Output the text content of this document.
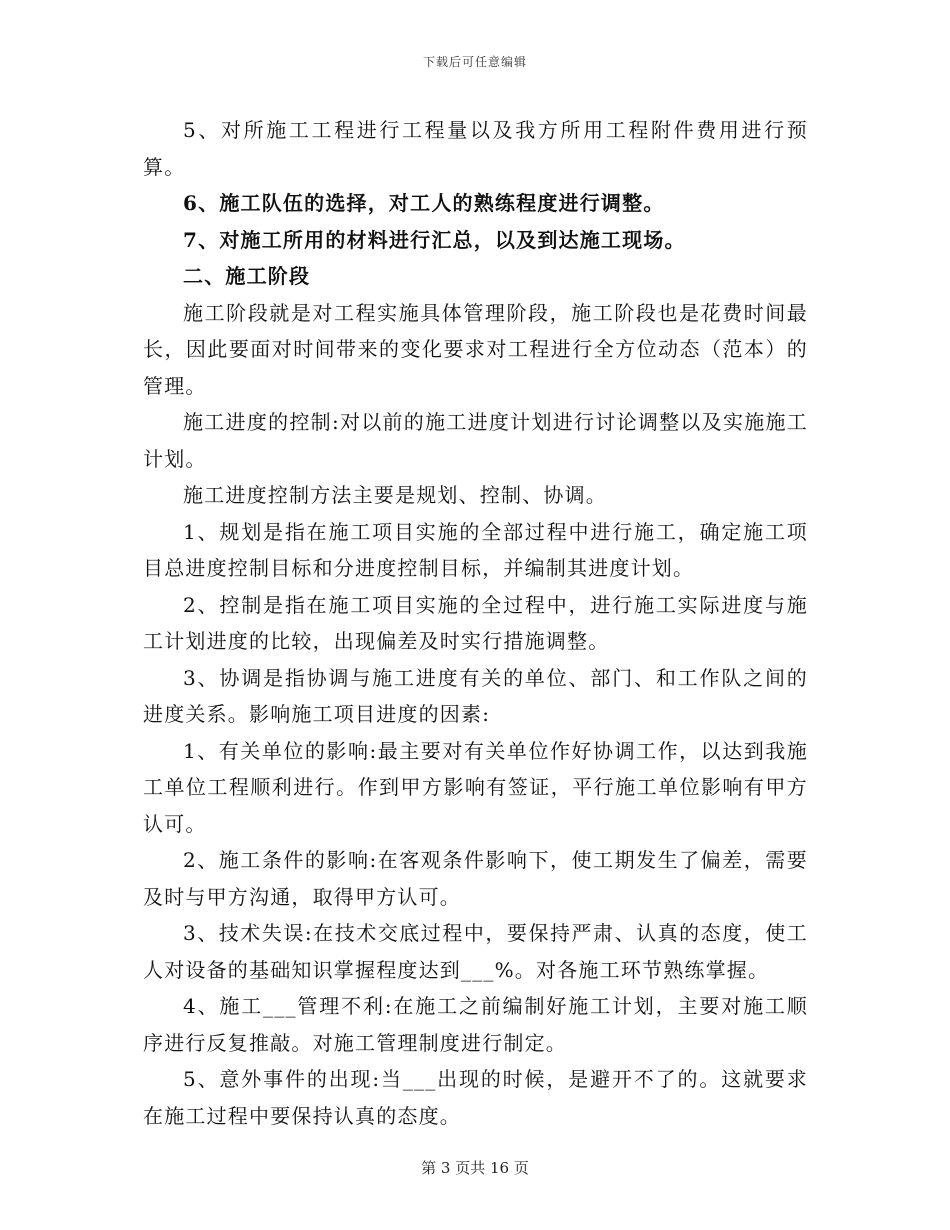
下载后可任意编辑

5、对所施工工程进行工程量以及我方所用工程附件费用进行预算。

6、施工队伍的选择，对工人的熟练程度进行调整。

7、对施工所用的材料进行汇总，以及到达施工现场。

二、施工阶段

施工阶段就是对工程实施具体管理阶段，施工阶段也是花费时间最长，因此要面对时间带来的变化要求对工程进行全方位动态（范本）的管理。

施工进度的控制:对以前的施工进度计划进行讨论调整以及实施施工计划。

施工进度控制方法主要是规划、控制、协调。

1、规划是指在施工项目实施的全部过程中进行施工，确定施工项目总进度控制目标和分进度控制目标，并编制其进度计划。

2、控制是指在施工项目实施的全过程中，进行施工实际进度与施工计划进度的比较，出现偏差及时实行措施调整。

3、协调是指协调与施工进度有关的单位、部门、和工作队之间的进度关系。影响施工项目进度的因素:

1、有关单位的影响:最主要对有关单位作好协调工作，以达到我施工单位工程顺利进行。作到甲方影响有签证，平行施工单位影响有甲方认可。

2、施工条件的影响:在客观条件影响下，使工期发生了偏差，需要及时与甲方沟通，取得甲方认可。

3、技术失误:在技术交底过程中，要保持严肃、认真的态度，使工人对设备的基础知识掌握程度达到___%。对各施工环节熟练掌握。

4、施工___管理不利:在施工之前编制好施工计划，主要对施工顺序进行反复推敲。对施工管理制度进行制定。

5、意外事件的出现:当___出现的时候，是避开不了的。这就要求在施工过程中要保持认真的态度。

第 3 页共 16 页
